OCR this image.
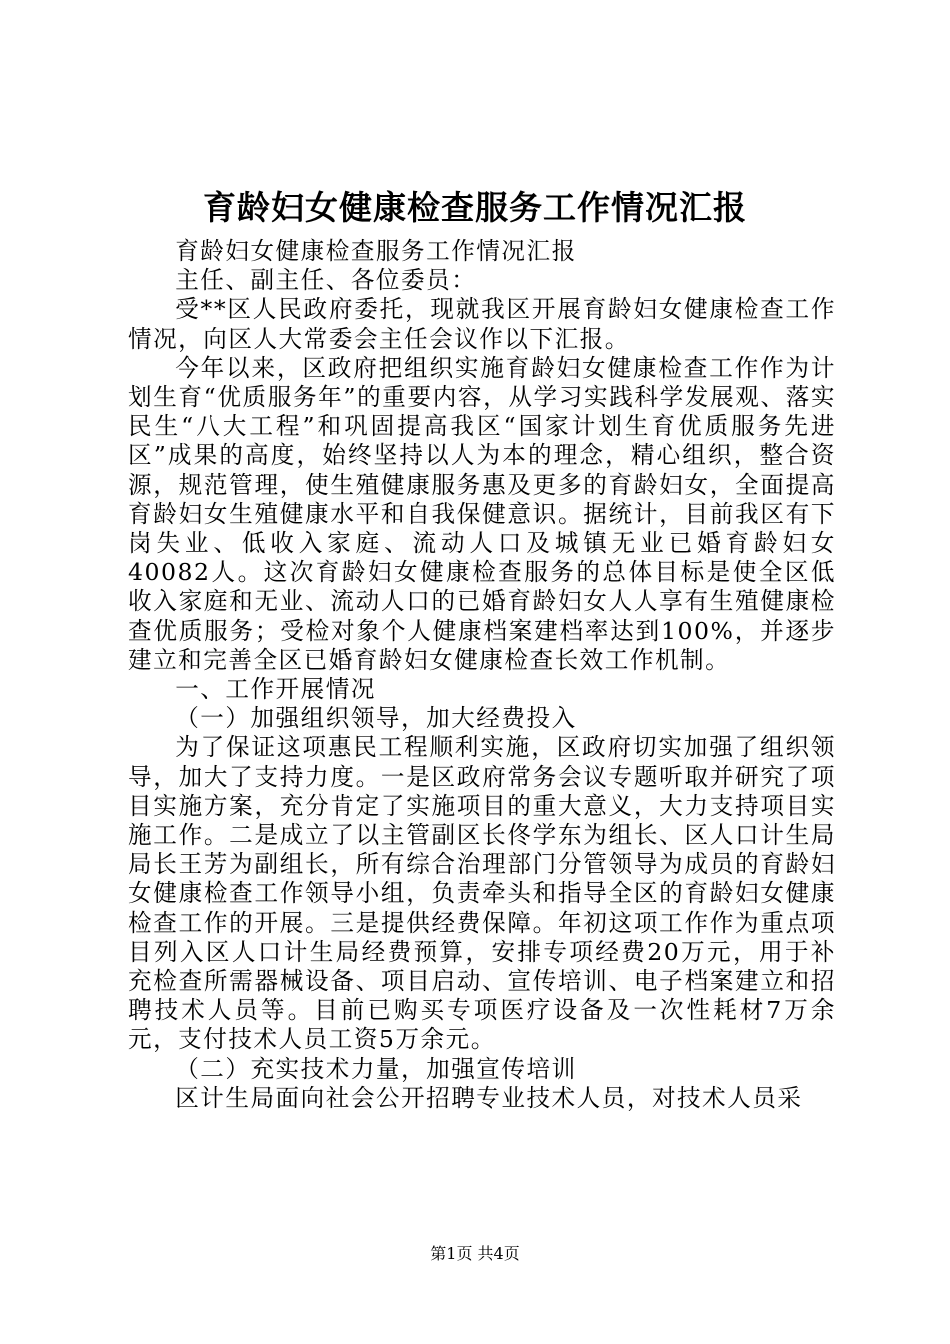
育龄妇女健康检查服务工作情况汇报

育龄妇女健康检查服务工作情况汇报

主任、副主任、各位委员：

受**区人民政府委托，现就我区开展育龄妇女健康检查工作情况，向区人大常委会主任会议作以下汇报。

今年以来，区政府把组织实施育龄妇女健康检查工作作为计划生育“优质服务年”的重要内容，从学习实践科学发展观、落实民生“八大工程”和巩固提高我区“国家计划生育优质服务先进区”成果的高度，始终坚持以人为本的理念，精心组织，整合资源，规范管理，使生殖健康服务惠及更多的育龄妇女，全面提高育龄妇女生殖健康水平和自我保健意识。据统计，目前我区有下岗失业、低收入家庭、流动人口及城镇无业已婚育龄妇女40082人。这次育龄妇女健康检查服务的总体目标是使全区低收入家庭和无业、流动人口的已婚育龄妇女人人享有生殖健康检查优质服务；受检对象个人健康档案建档率达到100%，并逐步建立和完善全区已婚育龄妇女健康检查长效工作机制。

一、工作开展情况

（一）加强组织领导，加大经费投入

为了保证这项惠民工程顺利实施，区政府切实加强了组织领导，加大了支持力度。一是区政府常务会议专题听取并研究了项目实施方案，充分肯定了实施项目的重大意义，大力支持项目实施工作。二是成立了以主管副区长佟学东为组长、区人口计生局局长王芳为副组长，所有综合治理部门分管领导为成员的育龄妇女健康检查工作领导小组，负责牵头和指导全区的育龄妇女健康检查工作的开展。三是提供经费保障。年初这项工作作为重点项目列入区人口计生局经费预算，安排专项经费20万元，用于补充检查所需器械设备、项目启动、宣传培训、电子档案建立和招聘技术人员等。目前已购买专项医疗设备及一次性耗材7万余元，支付技术人员工资5万余元。

（二）充实技术力量，加强宣传培训

区计生局面向社会公开招聘专业技术人员，对技术人员采

第1页 共4页
